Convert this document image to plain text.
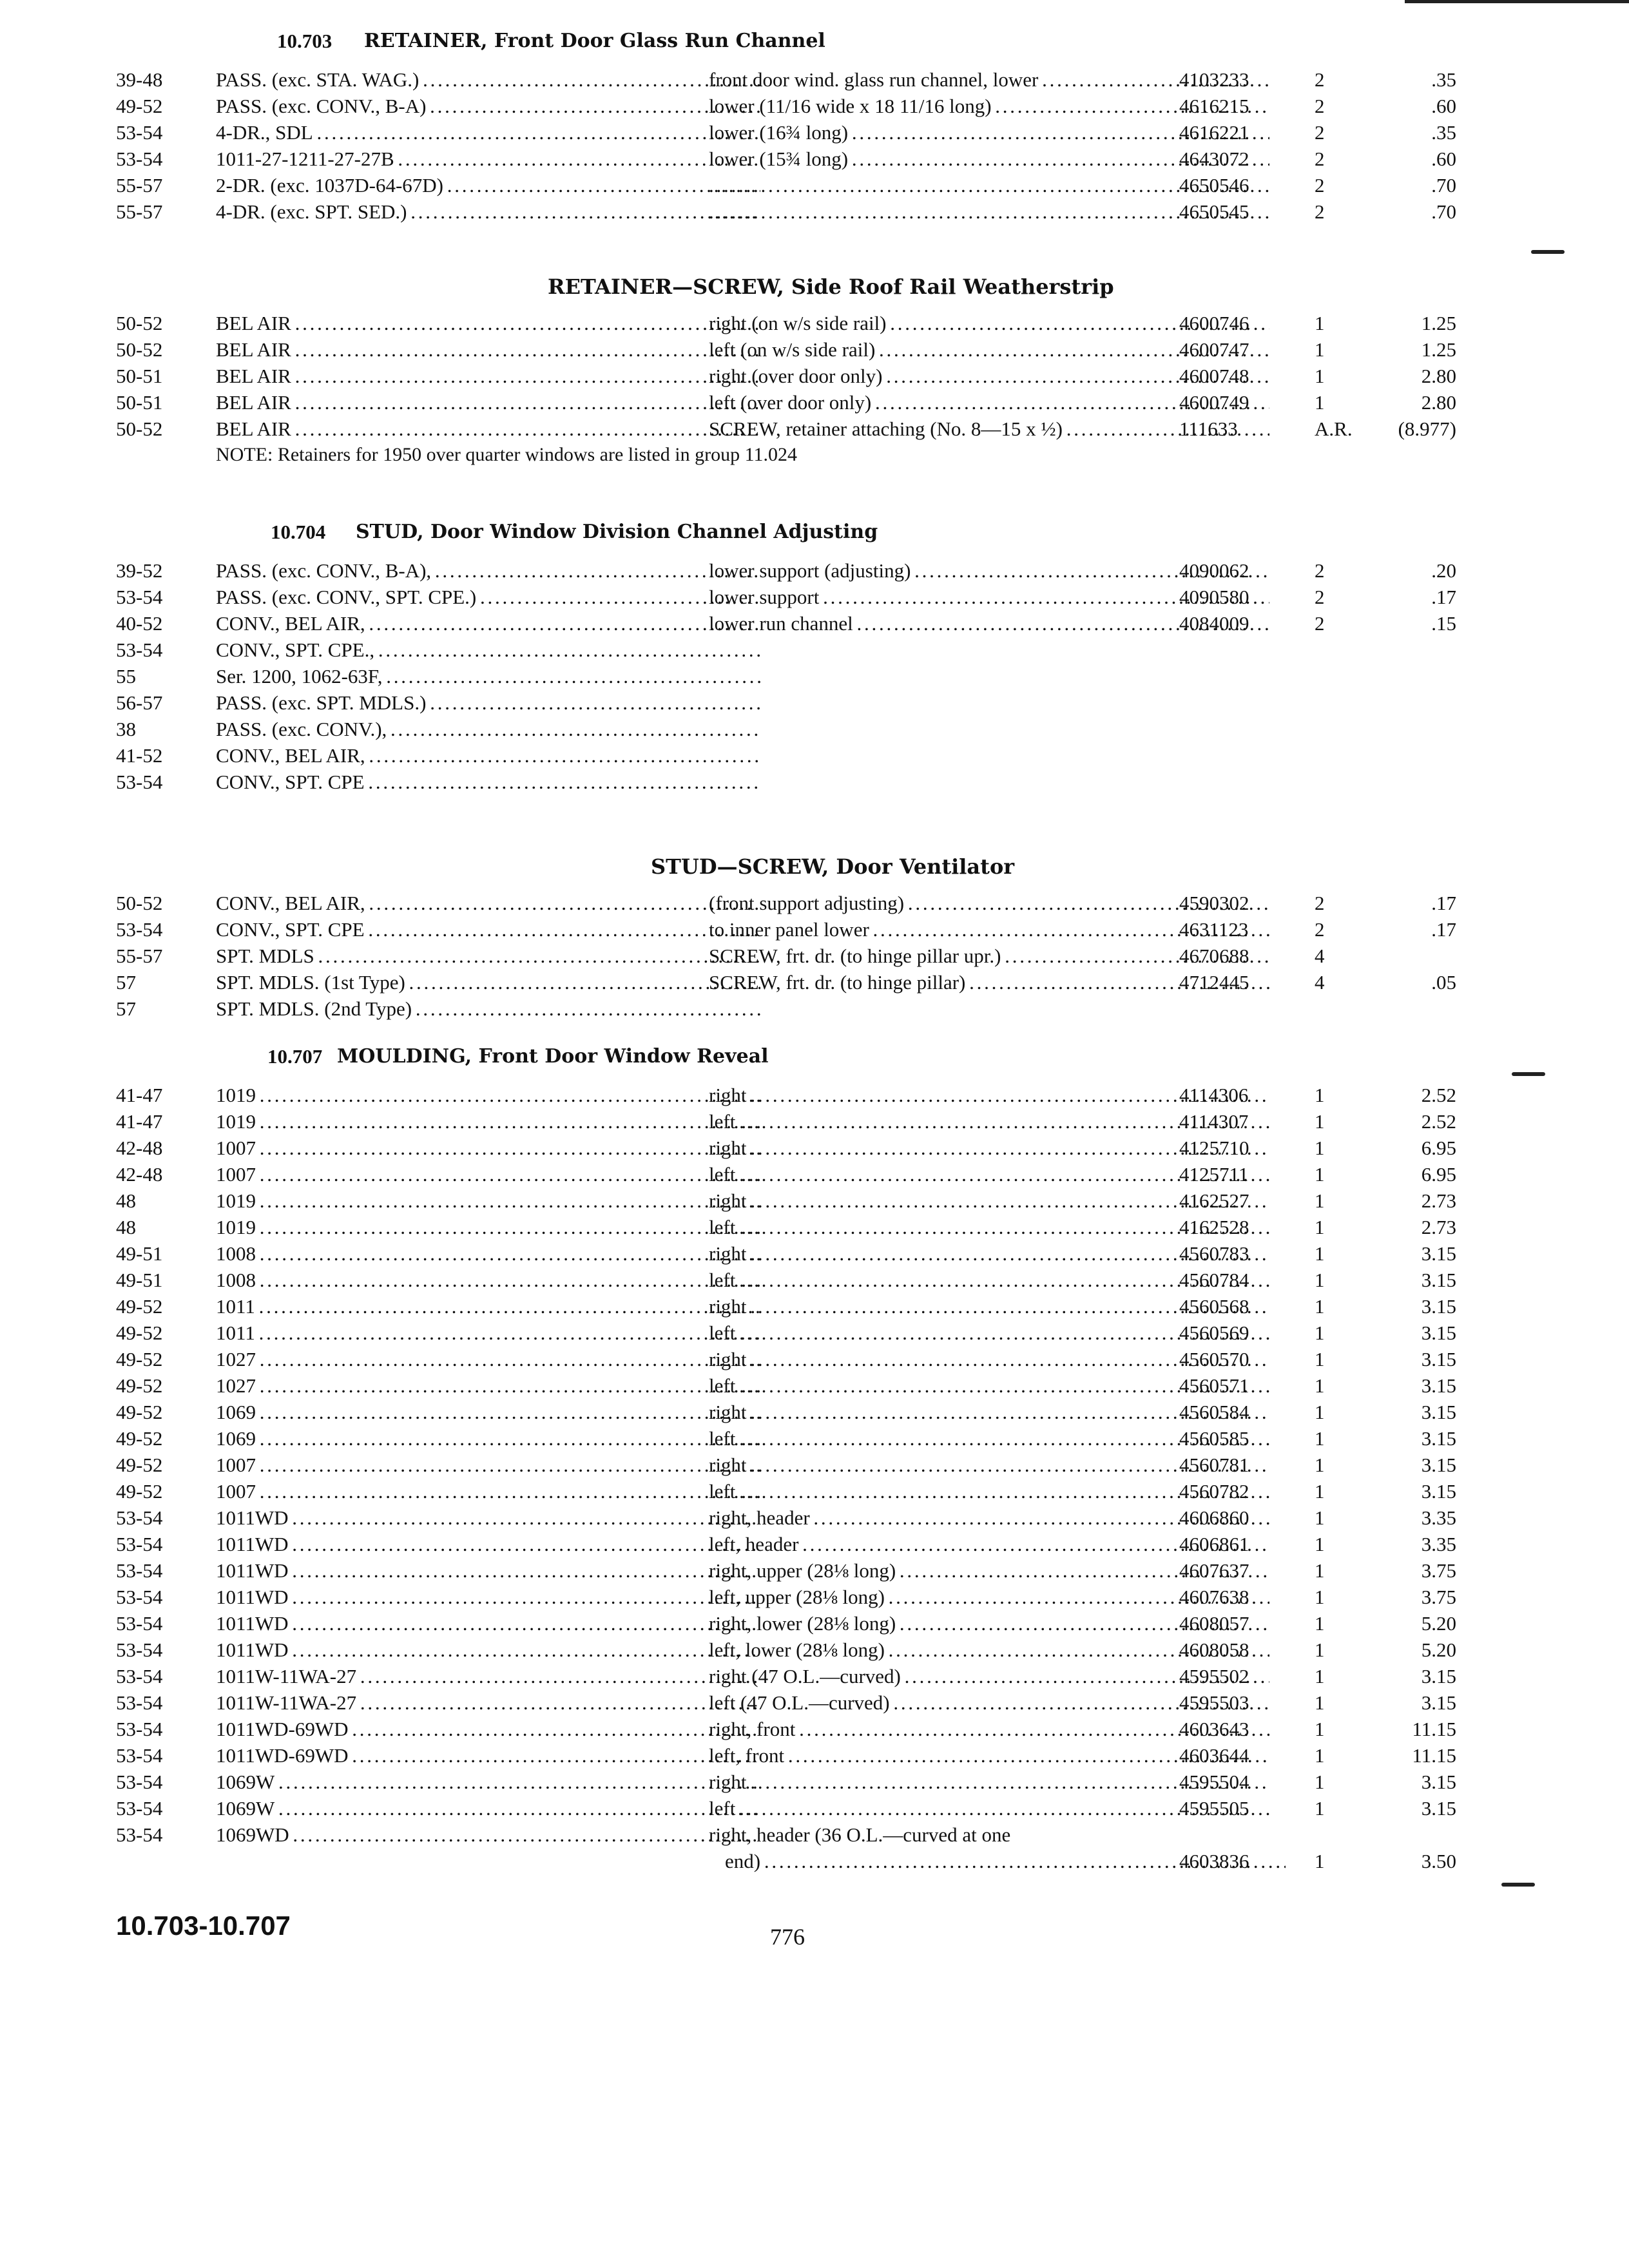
10.703 RETAINER, Front Door Glass Run Channel
39-48	PASS. (exc. STA. WAG.) . . .	front door wind. glass run channel, lower . . .	4103233	2	.35
49-52	PASS. (exc. CONV., B-A) . . .	lower (11/16 wide x 18 11/16 long) . . .	4616215	2	.60
53-54	4-DR., SDL . . .	lower (16¾ long) . . .	4616221	2	.35
53-54	1011-27-1211-27-27B . . .	lower (15¾ long) . . .	4643072	2	.60
55-57	2-DR. (exc. 1037D-64-67D) . . . . . .	4650546	2	.70
55-57	4-DR. (exc. SPT. SED.) . . . . . .	4650545	2	.70
RETAINER—SCREW, Side Roof Rail Weatherstrip
50-52	BEL AIR . . .	right (on w/s side rail) . . .	4600746	1	1.25
50-52	BEL AIR . . .	left (on w/s side rail) . . .	4600747	1	1.25
50-51	BEL AIR . . .	right (over door only) . . .	4600748	1	2.80
50-51	BEL AIR . . .	left (over door only) . . .	4600749	1	2.80
50-52	BEL AIR . . .	SCREW, retainer attaching (No. 8—15 x ½) . . .	111633	A.R.	(8.977)
NOTE: Retainers for 1950 over quarter windows are listed in group 11.024
10.704 STUD, Door Window Division Channel Adjusting
39-52	PASS. (exc. CONV., B-A), . . .	lower support (adjusting) . . .	4090062	2	.20
53-54	PASS. (exc. CONV., SPT. CPE.) . . .	lower support . . .	4090580	2	.17
40-52	CONV., BEL AIR, . . .	lower run channel . . .	4084009	2	.15
53-54	CONV., SPT. CPE., . . .
55	Ser. 1200, 1062-63F, . . .
56-57	PASS. (exc. SPT. MDLS.) . . .
38	PASS. (exc. CONV.), . . .
41-52	CONV., BEL AIR, . . .
53-54	CONV., SPT. CPE . . .
STUD—SCREW, Door Ventilator
50-52	CONV., BEL AIR, . . .	(front support adjusting) . . .	4590302	2	.17
53-54	CONV., SPT. CPE . . .	to inner panel lower . . .	4631123	2	.17
55-57	SPT. MDLS . . .	SCREW, frt. dr. (to hinge pillar upr.) . . .	4670688	4
57	SPT. MDLS. (1st Type) . . .	SCREW, frt. dr. (to hinge pillar) . . .	4712445	4	.05
57	SPT. MDLS. (2nd Type) . . .
10.707 MOULDING, Front Door Window Reveal
41-47	1019 . . .	right . . .	4114306	1	2.52
41-47	1019 . . .	left . . .	4114307	1	2.52
42-48	1007 . . .	right . . .	4125710	1	6.95
42-48	1007 . . .	left . . .	4125711	1	6.95
48	1019 . . .	right . . .	4162527	1	2.73
48	1019 . . .	left . . .	4162528	1	2.73
49-51	1008 . . .	right . . .	4560783	1	3.15
49-51	1008 . . .	left . . .	4560784	1	3.15
49-52	1011 . . .	right . . .	4560568	1	3.15
49-52	1011 . . .	left . . .	4560569	1	3.15
49-52	1027 . . .	right . . .	4560570	1	3.15
49-52	1027 . . .	left . . .	4560571	1	3.15
49-52	1069 . . .	right . . .	4560584	1	3.15
49-52	1069 . . .	left . . .	4560585	1	3.15
49-52	1007 . . .	right . . .	4560781	1	3.15
49-52	1007 . . .	left . . .	4560782	1	3.15
53-54	1011WD . . .	right, header . . .	4606860	1	3.35
53-54	1011WD . . .	left, header . . .	4606861	1	3.35
53-54	1011WD . . .	right, upper (28⅛ long) . . .	4607637	1	3.75
53-54	1011WD . . .	left, upper (28⅛ long) . . .	4607638	1	3.75
53-54	1011WD . . .	right, lower (28⅛ long) . . .	4608057	1	5.20
53-54	1011WD . . .	left, lower (28⅛ long) . . .	4608058	1	5.20
53-54	1011W-11WA-27 . . .	right (47 O.L.—curved) . . .	4595502	1	3.15
53-54	1011W-11WA-27 . . .	left (47 O.L.—curved) . . .	4595503	1	3.15
53-54	1011WD-69WD . . .	right, front . . .	4603643	1	11.15
53-54	1011WD-69WD . . .	left, front . . .	4603644	1	11.15
53-54	1069W . . .	right . . .	4595504	1	3.15
53-54	1069W . . .	left . . .	4595505	1	3.15
53-54	1069WD . . .	right, header (36 O.L.—curved at one
end) . . .	4603836	1	3.50
10.703-10.707	776
